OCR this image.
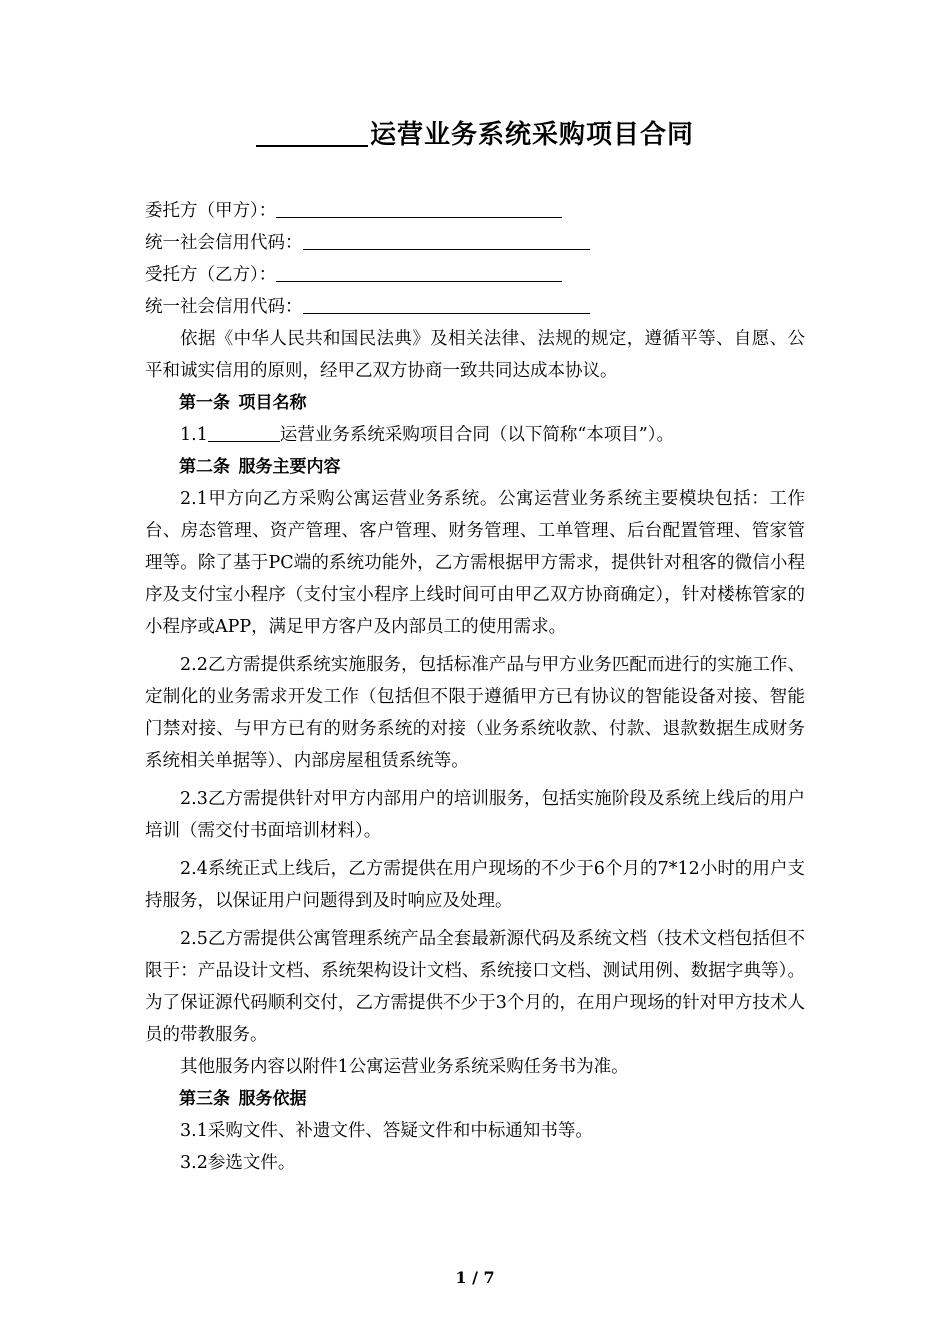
运营业务系统采购项目合同
委托方（甲方）：
统一社会信用代码：
受托方（乙方）：
统一社会信用代码：
依据《中华人民共和国民法典》及相关法律、法规的规定，遵循平等、自愿、公平和诚实信用的原则，经甲乙双方协商一致共同达成本协议。
第一条 项目名称
1.1	运营业务系统采购项目合同（以下简称“本项目”）。
第二条 服务主要内容
2.1甲方向乙方采购公寓运营业务系统。公寓运营业务系统主要模块包括：工作台、房态管理、资产管理、客户管理、财务管理、工单管理、后台配置管理、管家管理等。除了基于PC端的系统功能外，乙方需根据甲方需求，提供针对租客的微信小程序及支付宝小程序（支付宝小程序上线时间可由甲乙双方协商确定），针对楼栋管家的小程序或APP，满足甲方客户及内部员工的使用需求。
2.2乙方需提供系统实施服务，包括标准产品与甲方业务匹配而进行的实施工作、定制化的业务需求开发工作（包括但不限于遵循甲方已有协议的智能设备对接、智能门禁对接、与甲方已有的财务系统的对接（业务系统收款、付款、退款数据生成财务系统相关单据等）、内部房屋租赁系统等。
2.3乙方需提供针对甲方内部用户的培训服务，包括实施阶段及系统上线后的用户培训（需交付书面培训材料）。
2.4系统正式上线后，乙方需提供在用户现场的不少于6个月的7*12小时的用户支持服务，以保证用户问题得到及时响应及处理。
2.5乙方需提供公寓管理系统产品全套最新源代码及系统文档（技术文档包括但不限于：产品设计文档、系统架构设计文档、系统接口文档、测试用例、数据字典等）。为了保证源代码顺利交付，乙方需提供不少于3个月的，在用户现场的针对甲方技术人员的带教服务。
其他服务内容以附件1公寓运营业务系统采购任务书为准。
第三条 服务依据
3.1采购文件、补遗文件、答疑文件和中标通知书等。
3.2参选文件。
1 / 7
